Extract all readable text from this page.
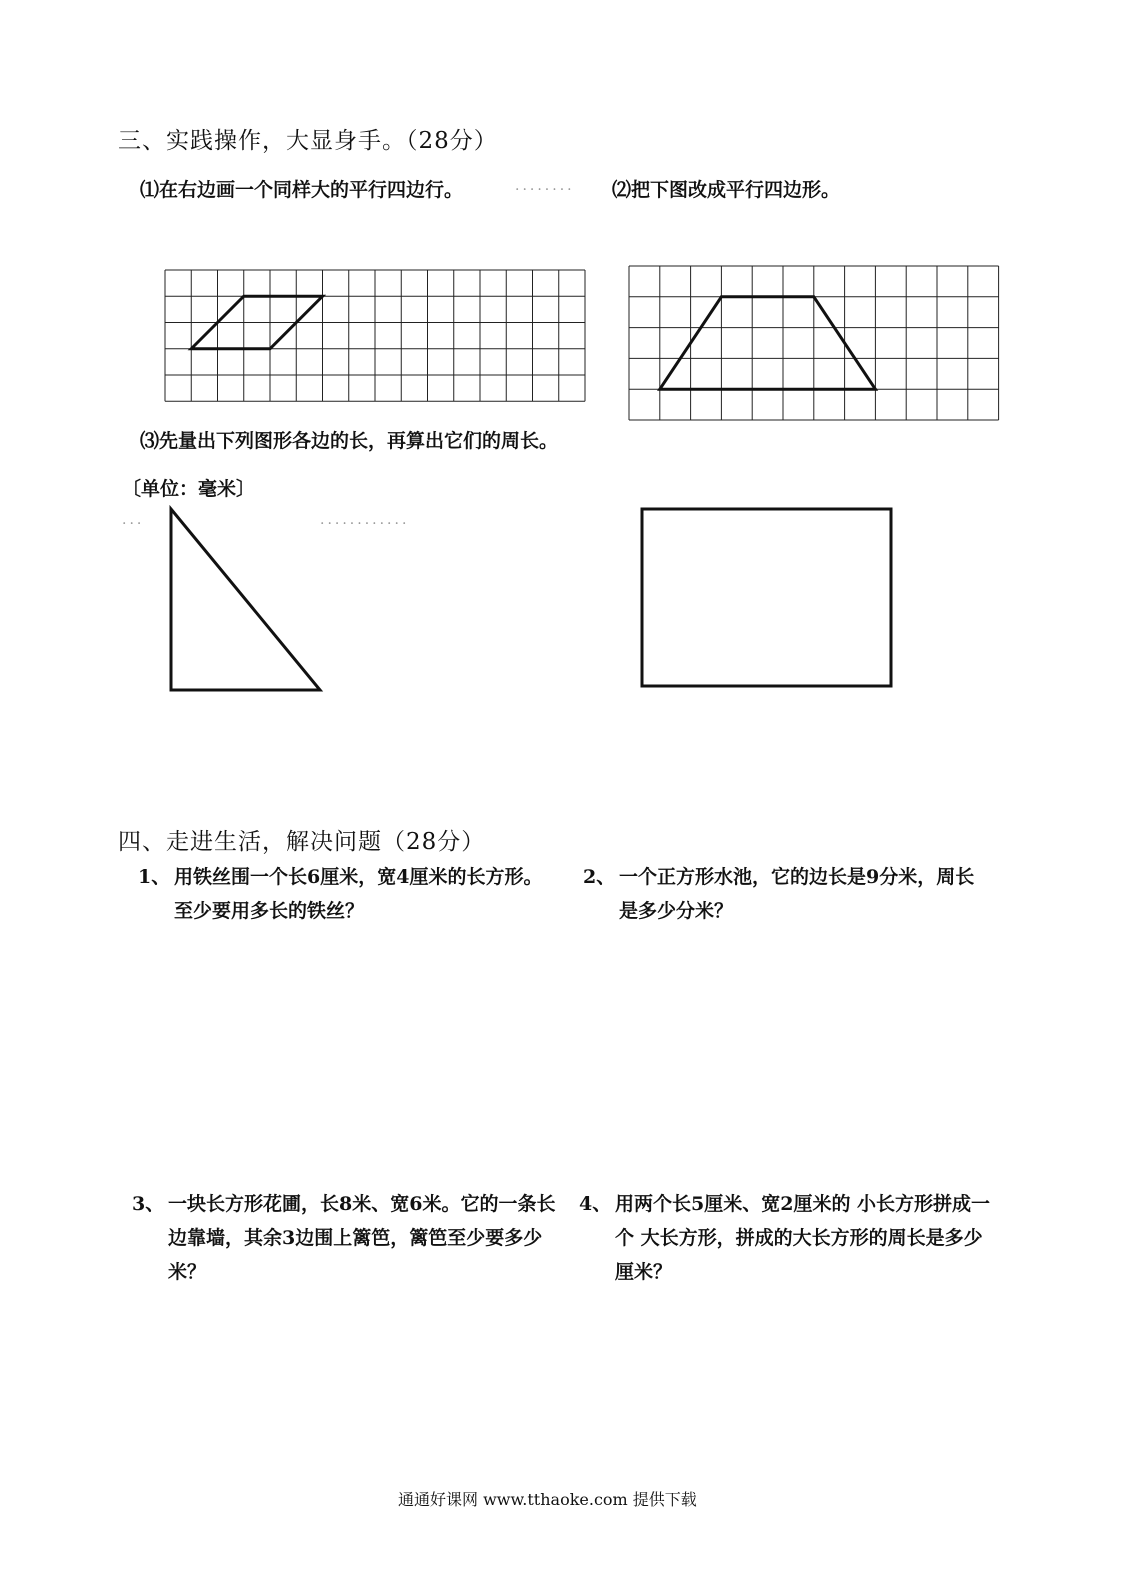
三、实践操作，大显身手。（28分）
⑴在右边画一个同样大的平行四边行。	········ ⑵把下图改成平行四边形。
⑶先量出下列图形各边的长，再算出它们的周长。
〔单位：毫米〕
···	············
四、走进生活，解决问题（28分）
1、 用铁丝围一个长6厘米，宽4厘米的长方形。至少要用多长的铁丝？
2、 一个正方形水池，它的边长是9分米，周长是多少分米？
3、 一块长方形花圃，长8米、宽6米。它的一条长边靠墙，其余3边围上篱笆，篱笆至少要多少米？
4、 用两个长5厘米、宽2厘米的 小长方形拼成一个 大长方形，拼成的大长方形的周长是多少厘米？
通通好课网 www.tthaoke.com 提供下载
